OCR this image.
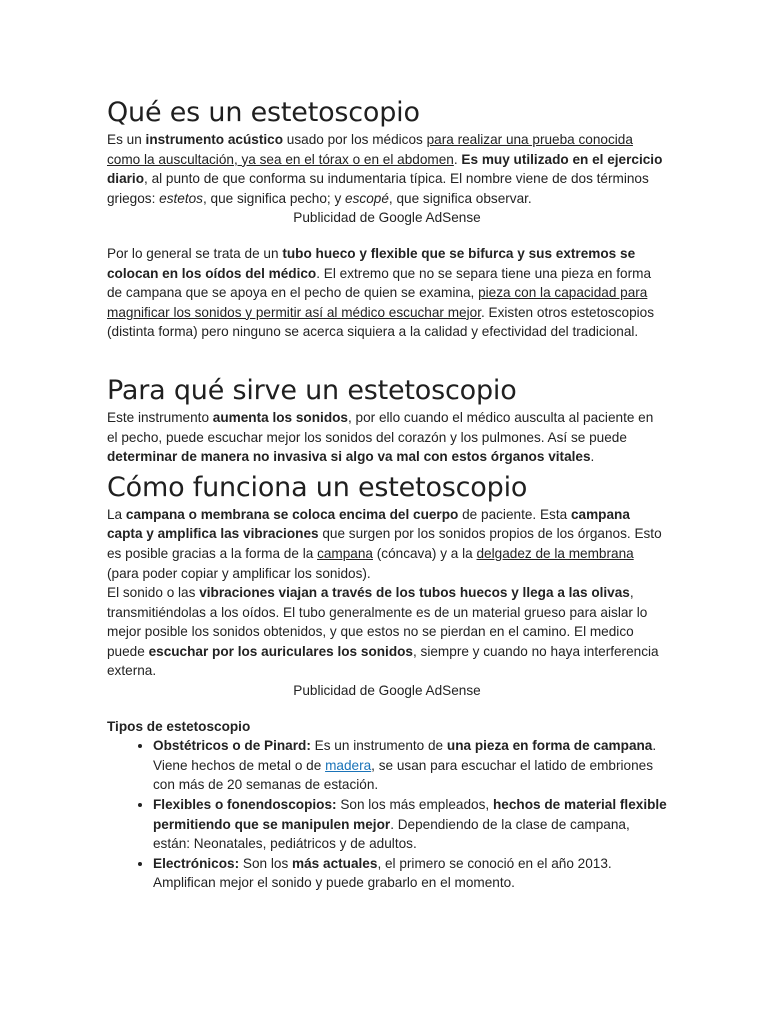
Qué es un estetoscopio

Es un instrumento acústico usado por los médicos para realizar una prueba conocida como la auscultación, ya sea en el tórax o en el abdomen. Es muy utilizado en el ejercicio diario, al punto de que conforma su indumentaria típica. El nombre viene de dos términos griegos: estetos, que significa pecho; y escopé, que significa observar.

Publicidad de Google AdSense

Por lo general se trata de un tubo hueco y flexible que se bifurca y sus extremos se colocan en los oídos del médico. El extremo que no se separa tiene una pieza en forma de campana que se apoya en el pecho de quien se examina, pieza con la capacidad para magnificar los sonidos y permitir así al médico escuchar mejor. Existen otros estetoscopios (distinta forma) pero ninguno se acerca siquiera a la calidad y efectividad del tradicional.

Para qué sirve un estetoscopio

Este instrumento aumenta los sonidos, por ello cuando el médico ausculta al paciente en el pecho, puede escuchar mejor los sonidos del corazón y los pulmones. Así se puede determinar de manera no invasiva si algo va mal con estos órganos vitales.

Cómo funciona un estetoscopio

La campana o membrana se coloca encima del cuerpo de paciente. Esta campana capta y amplifica las vibraciones que surgen por los sonidos propios de los órganos. Esto es posible gracias a la forma de la campana (cóncava) y a la delgadez de la membrana (para poder copiar y amplificar los sonidos).

El sonido o las vibraciones viajan a través de los tubos huecos y llega a las olivas, transmitiéndolas a los oídos. El tubo generalmente es de un material grueso para aislar lo mejor posible los sonidos obtenidos, y que estos no se pierdan en el camino. El medico puede escuchar por los auriculares los sonidos, siempre y cuando no haya interferencia externa.

Publicidad de Google AdSense

Tipos de estetoscopio

• Obstétricos o de Pinard: Es un instrumento de una pieza en forma de campana. Viene hechos de metal o de madera, se usan para escuchar el latido de embriones con más de 20 semanas de estación.
• Flexibles o fonendoscopios: Son los más empleados, hechos de material flexible permitiendo que se manipulen mejor. Dependiendo de la clase de campana, están: Neonatales, pediátricos y de adultos.
• Electrónicos: Son los más actuales, el primero se conoció en el año 2013. Amplifican mejor el sonido y puede grabarlo en el momento.
